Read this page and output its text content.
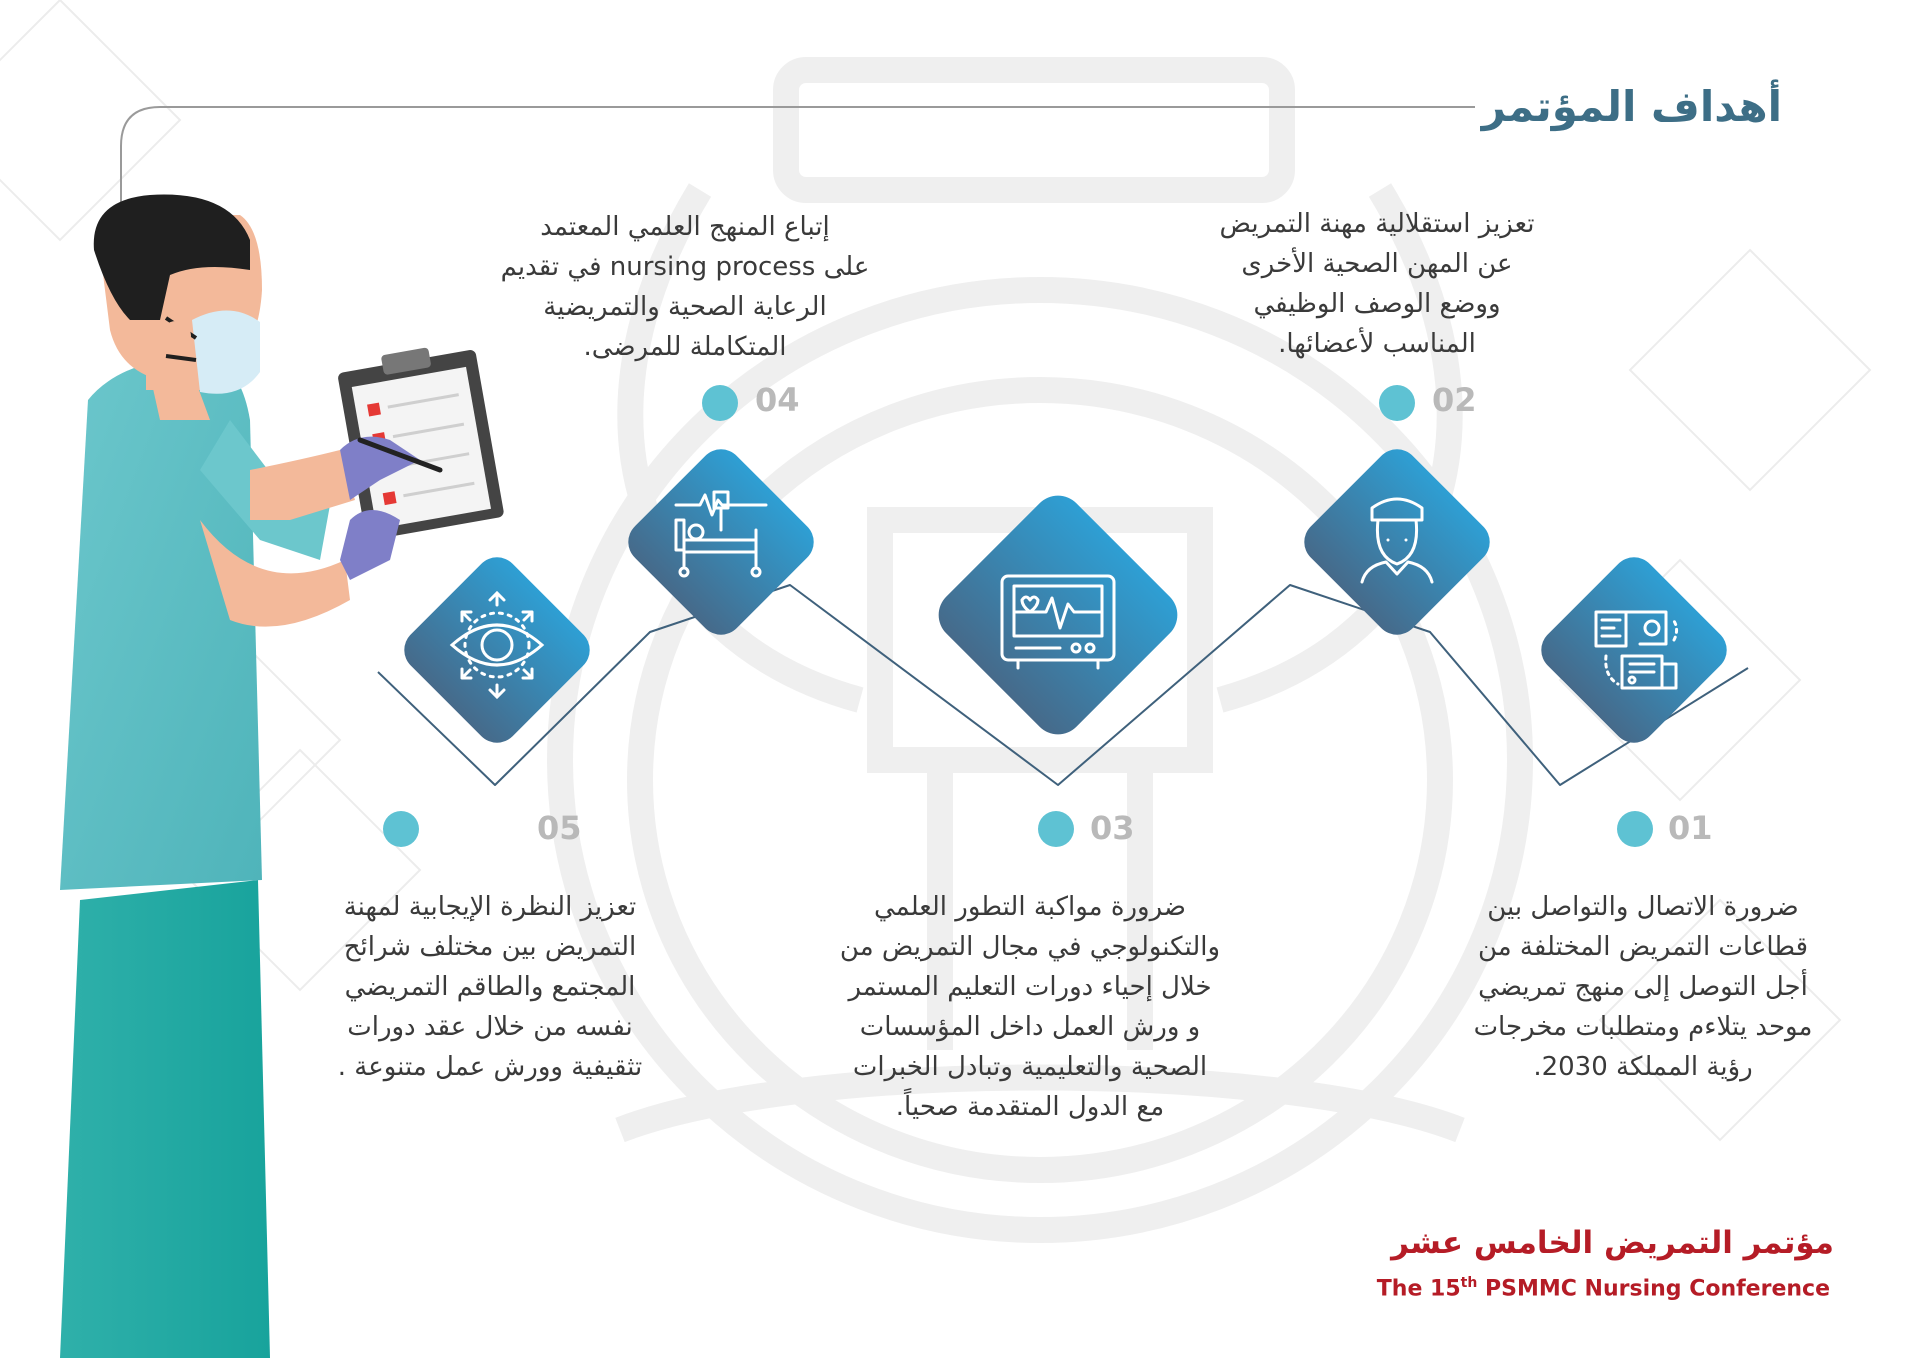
أهداف المؤتمر
01
ضرورة الاتصال والتواصل بين
قطاعات التمريض المختلفة من
أجل التوصل إلى منهج تمريضي
موحد يتلاءم ومتطلبات مخرجات
رؤية المملكة 2030.
02
تعزيز استقلالية مهنة التمريض
عن المهن الصحية الأخرى
ووضع الوصف الوظيفي
المناسب لأعضائها.
03
ضرورة مواكبة التطور العلمي
والتكنولوجي في مجال التمريض من
خلال إحياء دورات التعليم المستمر
و ورش العمل داخل المؤسسات
الصحية والتعليمية وتبادل الخبرات
مع الدول المتقدمة صحياً.
04
إتباع المنهج العلمي المعتمد
على nursing process في تقديم
الرعاية الصحية والتمريضية
المتكاملة للمرضى.
05
تعزيز النظرة الإيجابية لمهنة
التمريض بين مختلف شرائح
المجتمع والطاقم التمريضي
نفسه من خلال عقد دورات
تثقيفية وورش عمل متنوعة .
مؤتمر التمريض الخامس عشر
The 15th PSMMC Nursing Conference
